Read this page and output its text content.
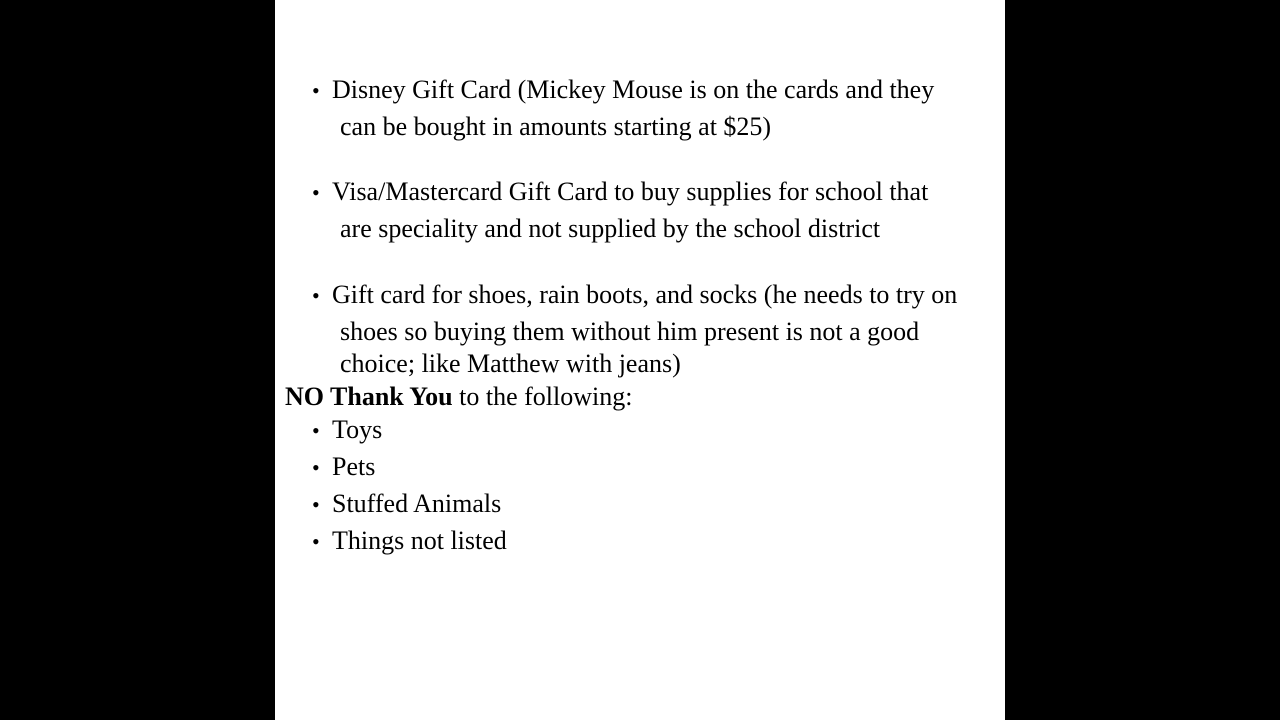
• Disney Gift Card (Mickey Mouse is on the cards and they
can be bought in amounts starting at $25)
• Visa/Mastercard Gift Card to buy supplies for school that
are speciality and not supplied by the school district
• Gift card for shoes, rain boots, and socks (he needs to try on
shoes so buying them without him present is not a good
choice; like Matthew with jeans)
NO Thank You to the following:
• Toys
• Pets
• Stuffed Animals
• Things not listed
